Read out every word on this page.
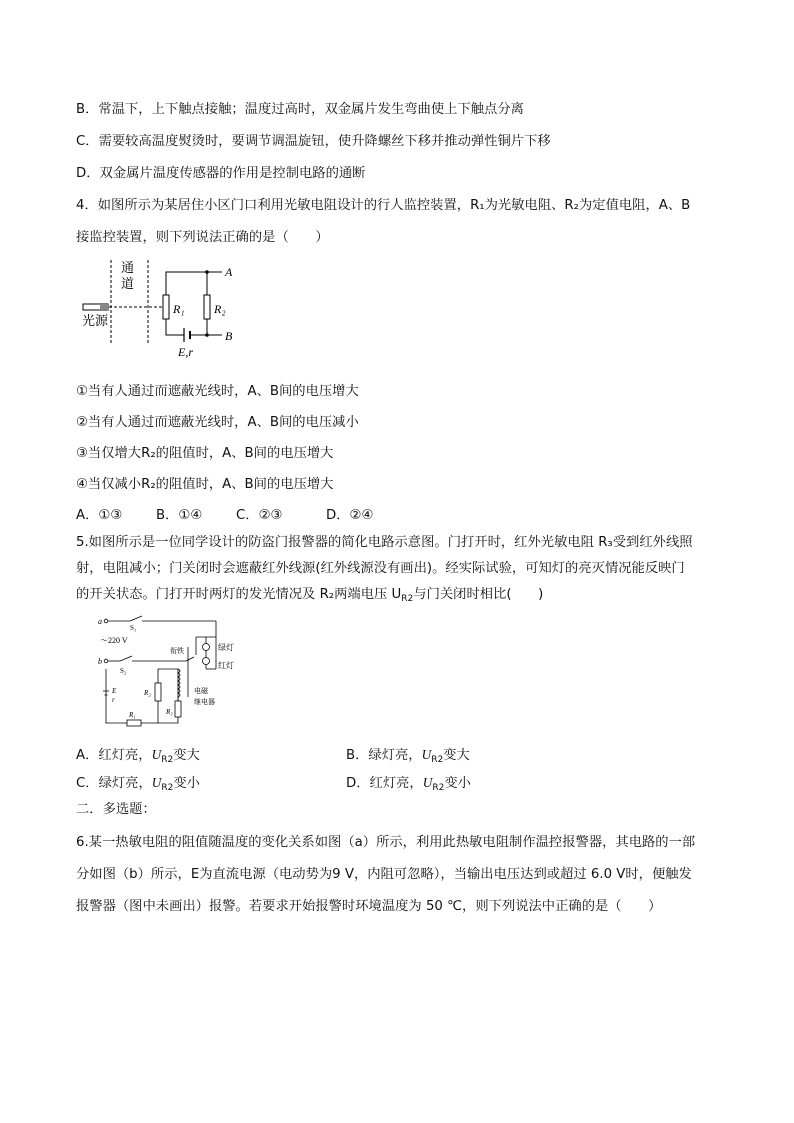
B．常温下，上下触点接触；温度过高时，双金属片发生弯曲使上下触点分离
C．需要较高温度熨烫时，要调节调温旋钮，使升降螺丝下移并推动弹性铜片下移
D．双金属片温度传感器的作用是控制电路的通断
4．如图所示为某居住小区门口利用光敏电阻设计的行人监控装置，R₁为光敏电阻、R₂为定值电阻，A、B
接监控装置，则下列说法正确的是（　　）
通
道
光源
R₁ R₂
A
B
E,r
①当有人通过而遮蔽光线时，A、B间的电压增大
②当有人通过而遮蔽光线时，A、B间的电压减小
③当仅增大R₂的阻值时，A、B间的电压增大
④当仅减小R₂的阻值时，A、B间的电压增大
A．①③	B．①④	C．②③	D．②④
5.如图所示是一位同学设计的防盗门报警器的简化电路示意图。门打开时，红外光敏电阻 R₃受到红外线照
射，电阻减小；门关闭时会遮蔽红外线源(红外线源没有画出)。经实际试验，可知灯的亮灭情况能反映门
的开关状态。门打开时两灯的发光情况及 R₂两端电压 $U_{R2}$与门关闭时相比(　　)
a
b
S₁
～220 V
衔铁	绿灯
红灯
S₂
E
r
R₂
R₃
R₁
电磁
继电器
A．红灯亮，$U_{R2}$变大	B．绿灯亮，$U_{R2}$变大
C．绿灯亮，$U_{R2}$变小	D．红灯亮，$U_{R2}$变小
二．多选题：
6.某一热敏电阻的阻值随温度的变化关系如图（a）所示，利用此热敏电阻制作温控报警器，其电路的一部
分如图（b）所示，E为直流电源（电动势为9 V，内阻可忽略），当输出电压达到或超过 6.0 V时，便触发
报警器（图中未画出）报警。若要求开始报警时环境温度为 50 ℃，则下列说法中正确的是（　　）
